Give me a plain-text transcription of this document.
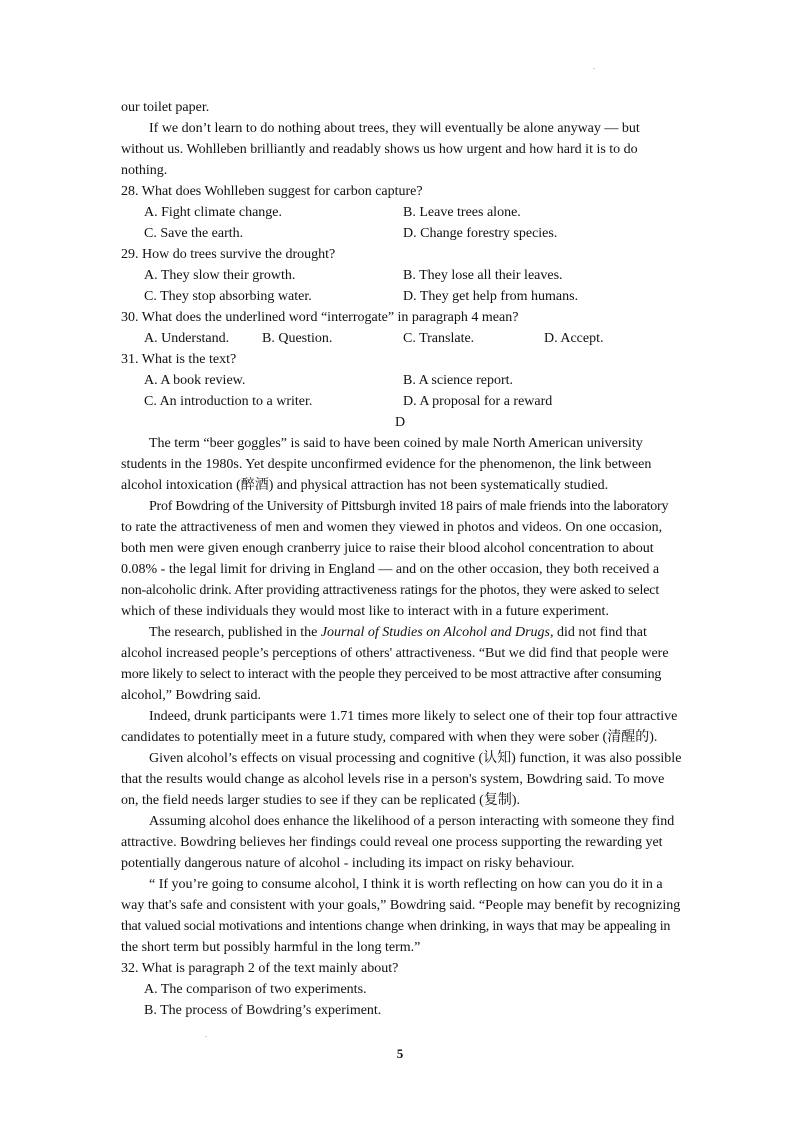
.
our toilet paper.
If we don’t learn to do nothing about trees, they will eventually be alone anyway — but
without us. Wohlleben brilliantly and readably shows us how urgent and how hard it is to do
nothing.
28. What does Wohlleben suggest for carbon capture?
A. Fight climate change.	B. Leave trees alone.
C. Save the earth.	D. Change forestry species.
29. How do trees survive the drought?
A. They slow their growth.	B. They lose all their leaves.
C. They stop absorbing water.	D. They get help from humans.
30. What does the underlined word “interrogate” in paragraph 4 mean?
A. Understand. B. Question.	C. Translate.	D. Accept.
31. What is the text?
A. A book review.	B. A science report.
C. An introduction to a writer.	D. A proposal for a reward
D
The term “beer goggles” is said to have been coined by male North American university
students in the 1980s. Yet despite unconfirmed evidence for the phenomenon, the link between
alcohol intoxication (醉酒) and physical attraction has not been systematically studied.
Prof Bowdring of the University of Pittsburgh invited 18 pairs of male friends into the laboratory
to rate the attractiveness of men and women they viewed in photos and videos. On one occasion,
both men were given enough cranberry juice to raise their blood alcohol concentration to about
0.08% - the legal limit for driving in England — and on the other occasion, they both received a
non-alcoholic drink. After providing attractiveness ratings for the photos, they were asked to select
which of these individuals they would most like to interact with in a future experiment.
The research, published in the Journal of Studies on Alcohol and Drugs, did not find that
alcohol increased people’s perceptions of others' attractiveness. “But we did find that people were
more likely to select to interact with the people they perceived to be most attractive after consuming
alcohol,” Bowdring said.
Indeed, drunk participants were 1.71 times more likely to select one of their top four attractive
candidates to potentially meet in a future study, compared with when they were sober (清醒的).
Given alcohol’s effects on visual processing and cognitive (认知) function, it was also possible
that the results would change as alcohol levels rise in a person's system, Bowdring said. To move
on, the field needs larger studies to see if they can be replicated (复制).
Assuming alcohol does enhance the likelihood of a person interacting with someone they find
attractive. Bowdring believes her findings could reveal one process supporting the rewarding yet
potentially dangerous nature of alcohol - including its impact on risky behaviour.
“ If you’re going to consume alcohol, I think it is worth reflecting on how can you do it in a
way that's safe and consistent with your goals,” Bowdring said. “People may benefit by recognizing
that valued social motivations and intentions change when drinking, in ways that may be appealing in
the short term but possibly harmful in the long term.”
32. What is paragraph 2 of the text mainly about?
A. The comparison of two experiments.
B. The process of Bowdring’s experiment.
.
5
